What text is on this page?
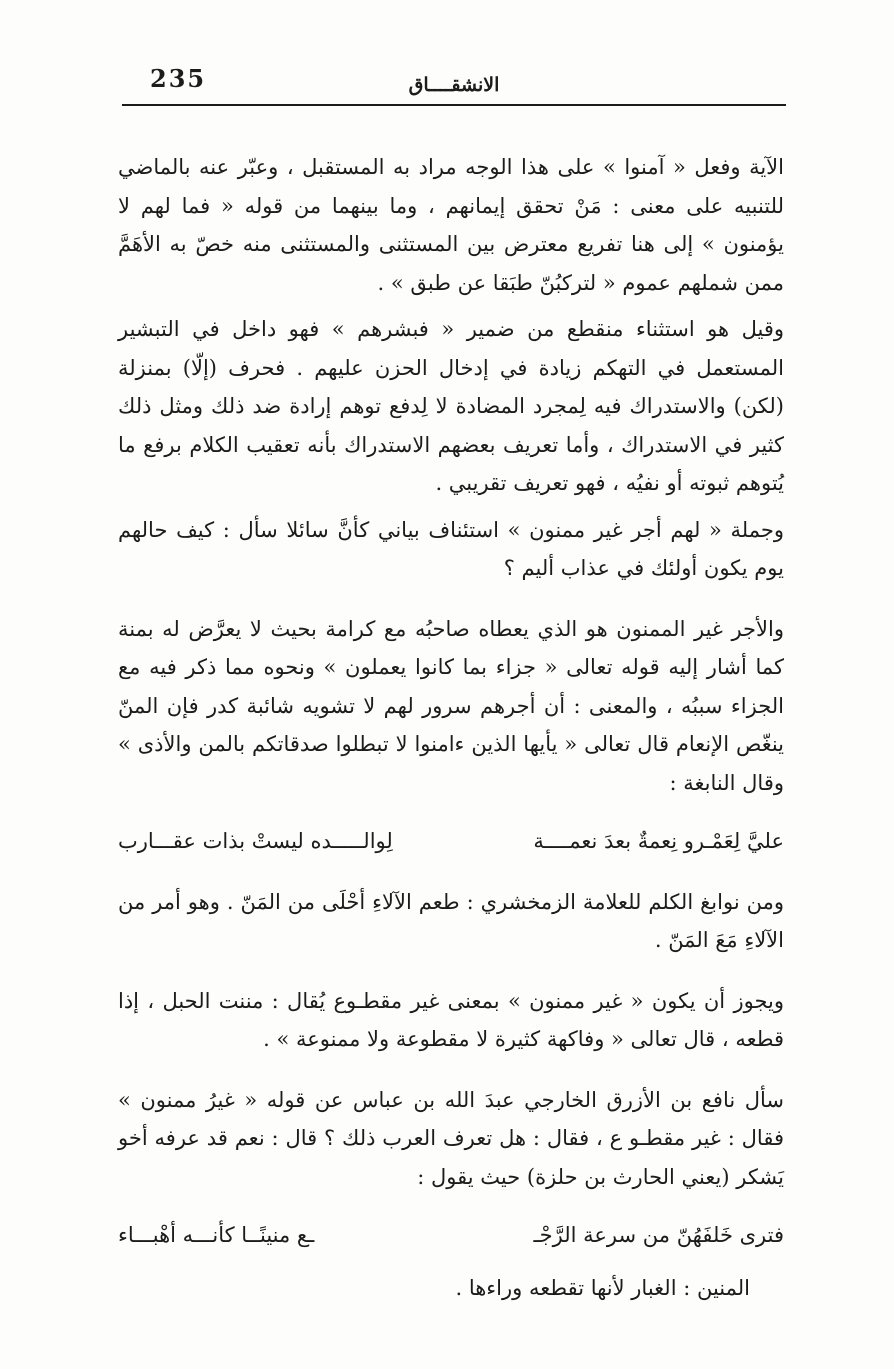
235	الانشقــــاق

الآية وفعل « آمنوا » على هذا الوجه مراد به المستقبل ، وعبّر عنه بالماضي للتنبيه على معنى : مَنْ تحقق إيمانهم ، وما بينهما من قوله « فما لهم لا يؤمنون » إلى هنا تفريع معترض بين المستثنى والمستثنى منه خصّ به الأهَمَّ ممن شملهم عموم « لتركبُنّ طبَقا عن طبق » .

وقيل هو استثناء منقطع من ضمير « فبشرهم » فهو داخل في التبشير المستعمل في التهكم زيادة في إدخال الحزن عليهم . فحرف (إلّا) بمنزلة (لكن) والاستدراك فيه لِمجرد المضادة لا لِدفع توهم إرادة ضد ذلك ومثل ذلك كثير في الاستدراك ، وأما تعريف بعضهم الاستدراك بأنه تعقيب الكلام برفع ما يُتوهم ثبوته أو نفيُه ، فهو تعريف تقريبي .

وجملة « لهم أجر غير ممنون » استئناف بياني كأنَّ سائلا سأل : كيف حالهم يوم يكون أولئك في عذاب أليم ؟

والأجر غير الممنون هو الذي يعطاه صاحبُه مع كرامة بحيث لا يعرَّض له بمنة كما أشار إليه قوله تعالى « جزاء بما كانوا يعملون » ونحوه مما ذكر فيه مع الجزاء سببُه ، والمعنى : أن أجرهم سرور لهم لا تشويه شائبة كدر فإن المنّ ينغّص الإنعام قال تعالى « يأيها الذين ءامنوا لا تبطلوا صدقاتكم بالمن والأذى » وقال النابغة :

عليَّ لِعَمْـرو نِعمةٌ بعدَ نعمــــة
لِوالـــــده ليستْ بذات عقـــارب

ومن نوابغ الكلم للعلامة الزمخشري : طعم الآلاءِ أحْلَى من المَنّ . وهو أمر من الآلاءِ مَعَ المَنّ .

ويجوز أن يكون « غير ممنون » بمعنى غير مقطـوع يُقال : مننت الحبل ، إذا قطعه ، قال تعالى « وفاكهة كثيرة لا مقطوعة ولا ممنوعة » .

سأل نافع بن الأزرق الخارجي عبدَ الله بن عباس عن قوله « غيرُ ممنون » فقال : غير مقطـو ع ، فقال : هل تعرف العرب ذلك ؟ قال : نعم قد عرفه أخو يَشكر (يعني الحارث بن حلزة) حيث يقول :

فترى خَلفَهُنّ من سرعة الرَّجْـ
ـع منينًــا كأنـــه أهْبـــاء
المنين : الغبار لأنها تقطعه وراءها .
